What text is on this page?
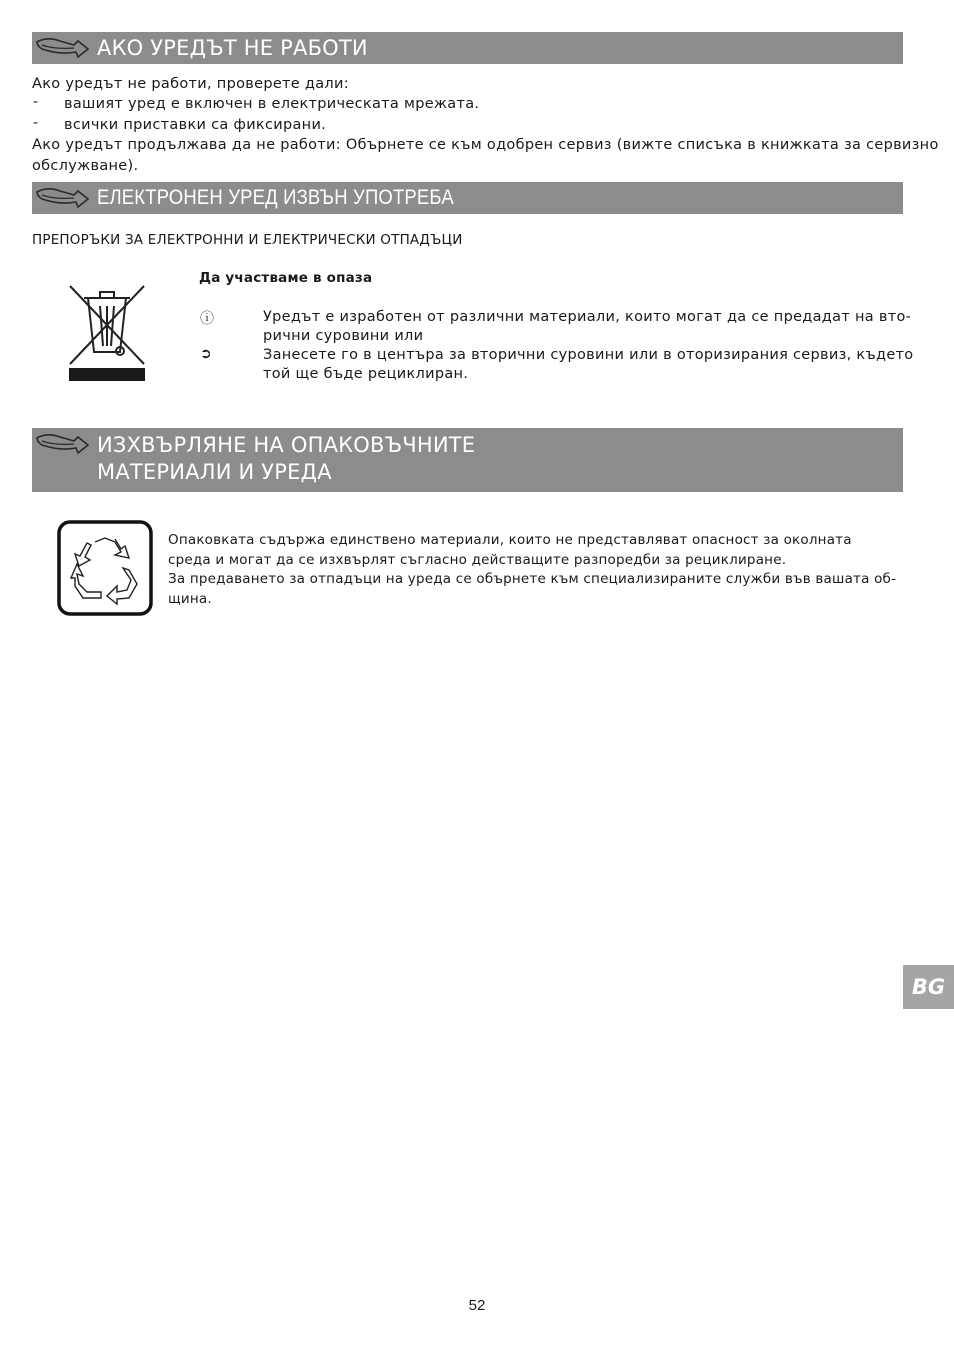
АКО УРЕДЪТ НЕ РАБОТИ
Ако уредът не работи, проверете дали:
- вашият уред е включен в електрическата мрежата.
- всички приставки са фиксирани.
Ако уредът продължава да не работи: Обърнете се към одобрен сервиз (вижте списъка в книжката за сервизно
обслужване).
ЕЛЕКТРОНЕН УРЕД ИЗВЪН УПОТРЕБА
ПРЕПОРЪКИ ЗА ЕЛЕКТРОННИ И ЕЛЕКТРИЧЕСКИ ОТПАДЪЦИ
Да участваме в опаза
ⓘ	Уредът е изработен от различни материали, които могат да се предадат на вто-
рични суровини или
➲	Занесете го в центъра за вторични суровини или в оторизирания сервиз, където
той ще бъде рециклиран.
ИЗХВЪРЛЯНЕ НА ОПАКОВЪЧНИТЕ
МАТЕРИАЛИ И УРЕДА
Опаковката съдържа единствено материали, които не представляват опасност за околната
среда и могат да се изхвърлят съгласно действащите разпоредби за рециклиране.
За предаването за отпадъци на уреда се обърнете към специализираните служби във вашата об-
щина.
BG
52
